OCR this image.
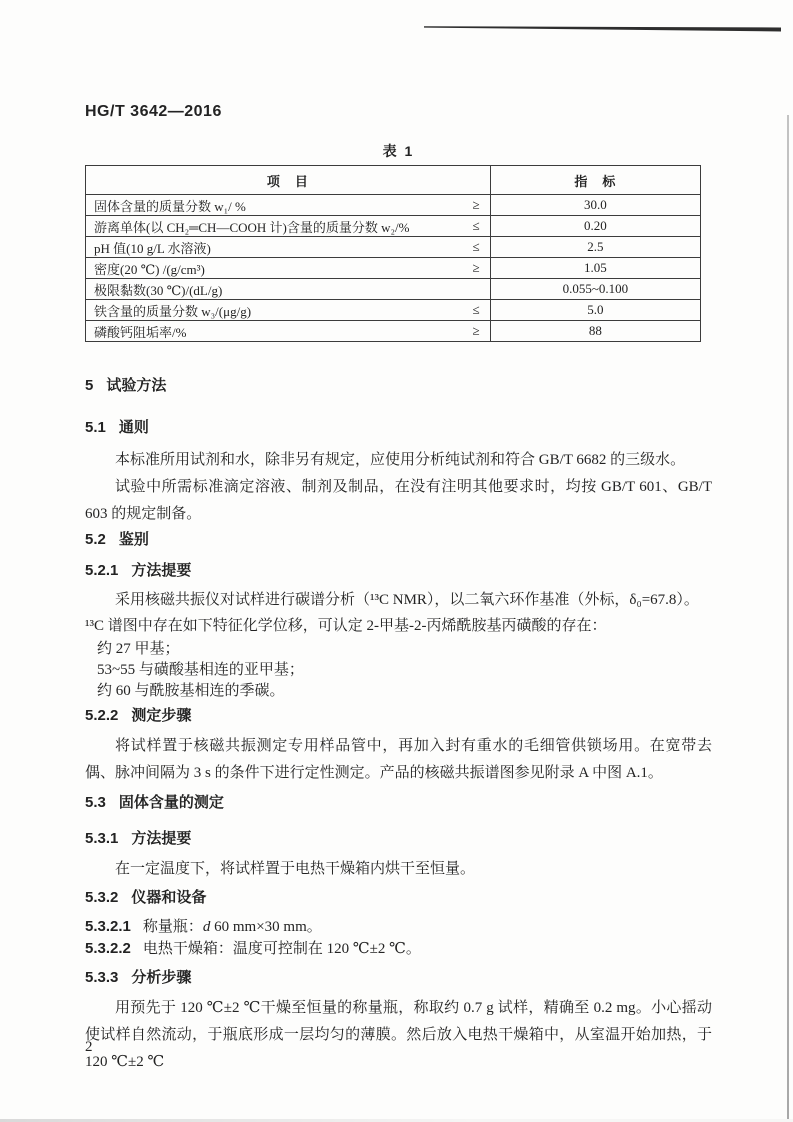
HG/T 3642—2016
表 1
项　目	指　标

固体含量的质量分数 w₁/ % ≥	30.0

游离单体(以 CH₂═CH—COOH 计)含量的质量分数 w₂/% ≤	0.20

pH 值(10 g/L 水溶液) ≤	2.5

密度(20 ℃) /(g/cm³) ≥	1.05

极限黏数(30 ℃)/(dL/g)	0.055~0.100

铁含量的质量分数 w₃/(μg/g) ≤	5.0

磷酸钙阻垢率/% ≥	88
5 试验方法
5.1 通则

本标准所用试剂和水，除非另有规定，应使用分析纯试剂和符合 GB/T 6682 的三级水。

试验中所需标准滴定溶液、制剂及制品，在没有注明其他要求时，均按 GB/T 601、GB/T 603 的规定制备。

5.2 鉴别
5.2.1 方法提要

采用核磁共振仪对试样进行碳谱分析（¹³C NMR），以二氧六环作基准（外标，δ₀=67.8）。

¹³C 谱图中存在如下特征化学位移，可认定 2-甲基-2-丙烯酰胺基丙磺酸的存在：

约 27 甲基；
53~55 与磺酸基相连的亚甲基；
约 60 与酰胺基相连的季碳。
5.2.2 测定步骤

将试样置于核磁共振测定专用样品管中，再加入封有重水的毛细管供锁场用。在宽带去偶、脉冲间隔为 3 s 的条件下进行定性测定。产品的核磁共振谱图参见附录 A 中图 A.1。

5.3 固体含量的测定
5.3.1 方法提要

在一定温度下，将试样置于电热干燥箱内烘干至恒量。

5.3.2 仪器和设备
5.3.2.1 称量瓶：d 60 mm×30 mm。
5.3.2.2 电热干燥箱：温度可控制在 120 ℃±2 ℃。
5.3.3 分析步骤

用预先于 120 ℃±2 ℃干燥至恒量的称量瓶，称取约 0.7 g 试样，精确至 0.2 mg。小心摇动使试样自然流动，于瓶底形成一层均匀的薄膜。然后放入电热干燥箱中，从室温开始加热，于 120 ℃±2 ℃

2
